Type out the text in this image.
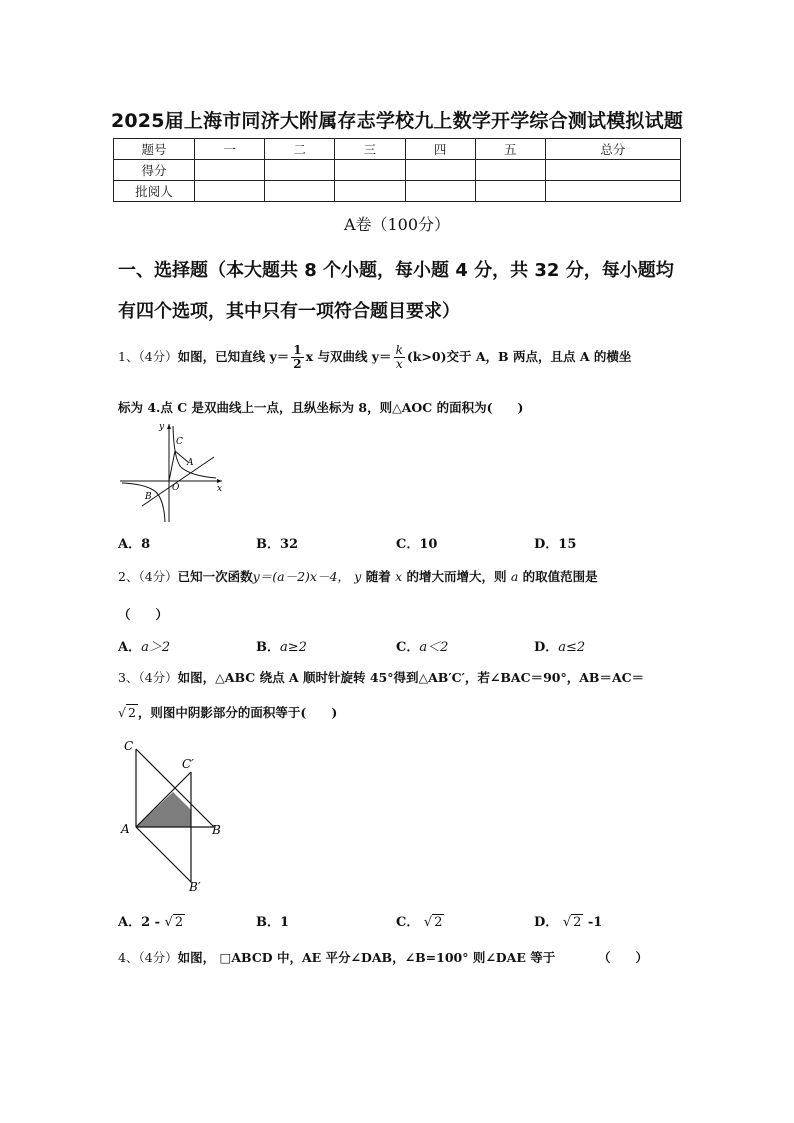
2025届上海市同济大附属存志学校九上数学开学综合测试模拟试题
题号	一	二	三	四	五	总分
得分						
批阅人						
A卷（100分）
一、选择题（本大题共 8 个小题，每小题 4 分，共 32 分，每小题均
有四个选项，其中只有一项符合题目要求）
1、（4分）如图，已知直线 $y= \frac{1}{2}$ x 与双曲线 $y= \frac{k}{x} (k>0)$交于 A，B 两点，且点 A 的横坐
标为 4.点 C 是双曲线上一点，且纵坐标为 8，则△AOC 的面积为(　　)
y
x
O
A
B
C
A．8	B．32	C．10	D．15
2、（4分）已知一次函数y＝(a－2)x－4， y 随着 x 的增大而增大，则 a 的取值范围是
（　　）
A．a＞2	B．a≥2	C．a＜2	D．a≤2
3、（4分）如图，△ABC 绕点 A 顺时针旋转 45°得到△AB′C′，若∠BAC＝90°，AB＝AC＝
√ 2 ，则图中阴影部分的面积等于(　　)
C
C′
A	B
B′
A．2 - √ 2	B．1	C． √ 2	D． √ 2 -1
4、（4分）如图， □ABCD 中，AE 平分∠DAB，∠B=100° 则∠DAE 等于	（　　）
